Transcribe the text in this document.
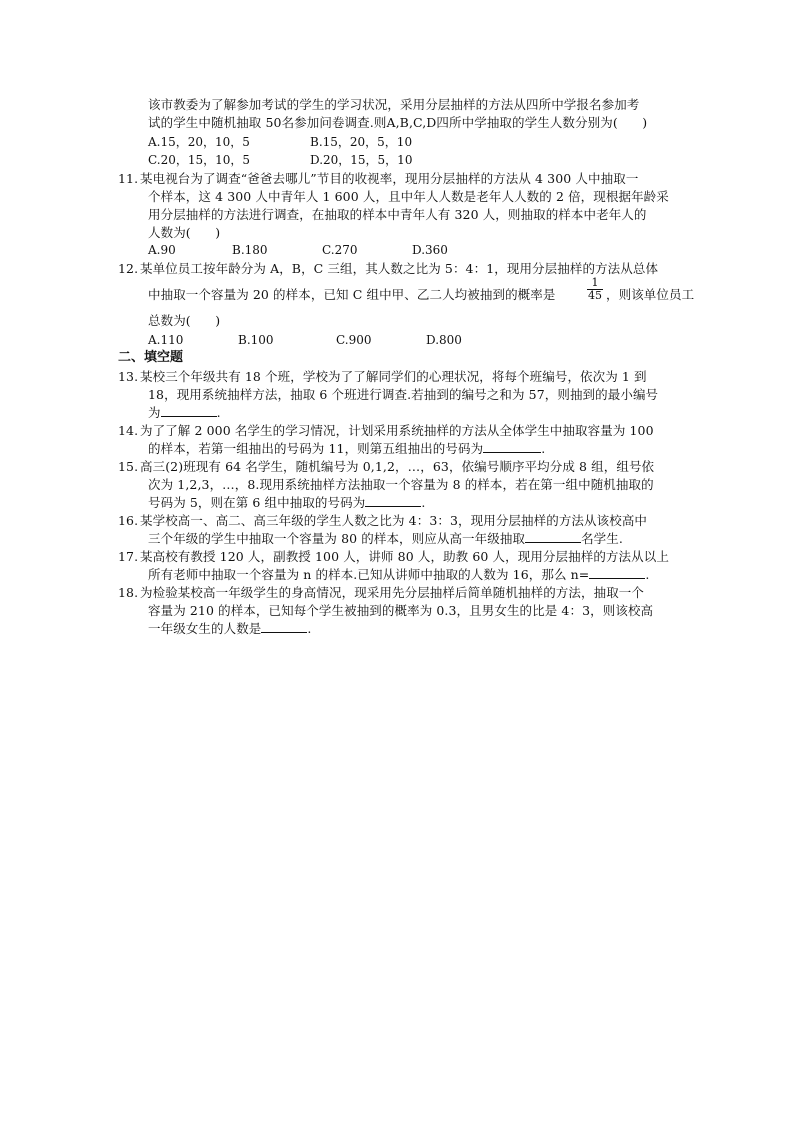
该市教委为了解参加考试的学生的学习状况，采用分层抽样的方法从四所中学报名参加考
试的学生中随机抽取 50名参加问卷调查.则A,B,C,D四所中学抽取的学生人数分别为(      )
A.15，20，10，5	B.15，20，5，10
C.20，15，10，5	D.20，15，5，10
11. 某电视台为了调查“爸爸去哪儿”节目的收视率，现用分层抽样的方法从 4 300 人中抽取一
个样本，这 4 300 人中青年人 1 600 人，且中年人人数是老年人人数的 2 倍，现根据年龄采
用分层抽样的方法进行调查，在抽取的样本中青年人有 320 人，则抽取的样本中老年人的
人数为(      )
A.90	B.180	C.270	D.360
12. 某单位员工按年龄分为 A，B，C 三组，其人数之比为 5：4：1，现用分层抽样的方法从总体
中抽取一个容量为 20 的样本，已知 C 组中甲、乙二人均被抽到的概率是
1
45 ，则该单位员工
总数为(      )
A.110	B.100	C.900	D.800
二、填空题
13. 某校三个年级共有 18 个班，学校为了了解同学们的心理状况，将每个班编号，依次为 1 到
18，现用系统抽样方法，抽取 6 个班进行调查.若抽到的编号之和为 57，则抽到的最小编号
为	.
14. 为了了解 2 000 名学生的学习情况，计划采用系统抽样的方法从全体学生中抽取容量为 100
的样本，若第一组抽出的号码为 11，则第五组抽出的号码为	.
15. 高三(2)班现有 64 名学生，随机编号为 0,1,2，…，63，依编号顺序平均分成 8 组，组号依
次为 1,2,3，…，8.现用系统抽样方法抽取一个容量为 8 的样本，若在第一组中随机抽取的
号码为 5，则在第 6 组中抽取的号码为	.
16. 某学校高一、高二、高三年级的学生人数之比为 4：3：3，现用分层抽样的方法从该校高中
三个年级的学生中抽取一个容量为 80 的样本，则应从高一年级抽取	名学生.
17. 某高校有教授 120 人，副教授 100 人，讲师 80 人，助教 60 人，现用分层抽样的方法从以上
所有老师中抽取一个容量为 n 的样本.已知从讲师中抽取的人数为 16，那么 n=	.
18. 为检验某校高一年级学生的身高情况，现采用先分层抽样后简单随机抽样的方法，抽取一个
容量为 210 的样本，已知每个学生被抽到的概率为 0.3，且男女生的比是 4：3，则该校高
一年级女生的人数是	.
